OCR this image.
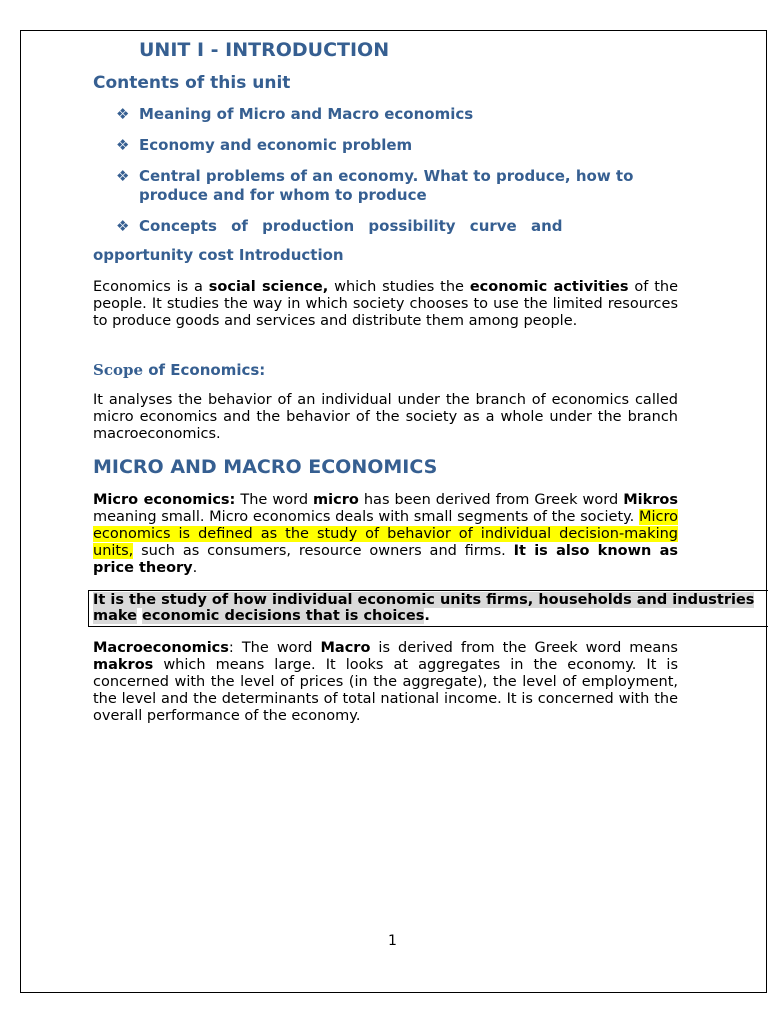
UNIT I - INTRODUCTION
Contents of this unit
❖ Meaning of Micro and Macro economics
❖ Economy and economic problem
❖ Central problems of an economy. What to produce, how to produce and for whom to produce
❖ Concepts of production possibility curve and
opportunity cost Introduction

Economics is a social science, which studies the economic activities of the people. It studies the way in which society chooses to use the limited resources to produce goods and services and distribute them among people.

Scope of Economics:

It analyses the behavior of an individual under the branch of economics called micro economics and the behavior of the society as a whole under the branch macroeconomics.

MICRO AND MACRO ECONOMICS

Micro economics: The word micro has been derived from Greek word Mikros meaning small. Micro economics deals with small segments of the society. Micro economics is defined as the study of behavior of individual decision-making units, such as consumers, resource owners and firms. It is also known as price theory.

It is the study of how individual economic units firms, households and industries make economic decisions that is choices.

Macroeconomics: The word Macro is derived from the Greek word means makros which means large. It looks at aggregates in the economy. It is concerned with the level of prices (in the aggregate), the level of employment, the level and the determinants of total national income. It is concerned with the overall performance of the economy.

1
